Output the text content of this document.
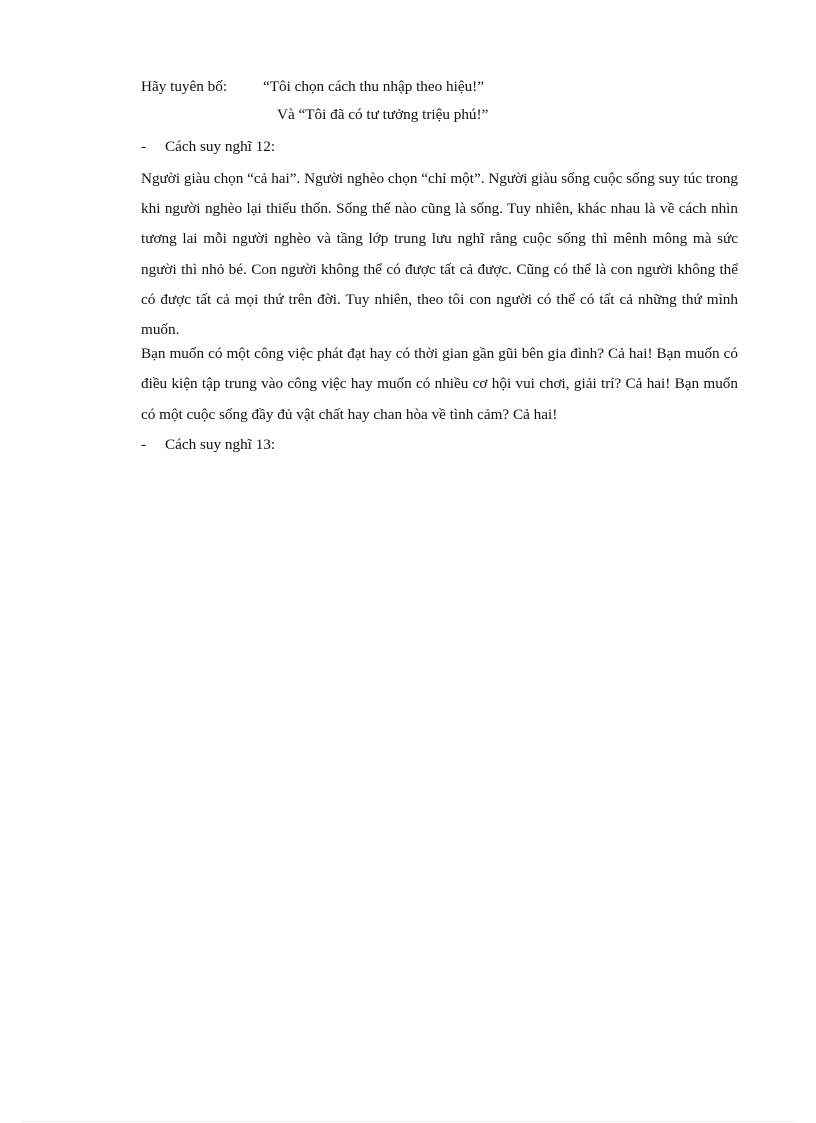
Hãy tuyên bố: “Tôi chọn cách thu nhập theo hiệu!”
Và “Tôi đã có tư tưởng triệu phú!”
-	Cách suy nghĩ 12:

Người giàu chọn “cả hai”. Người nghèo chọn “chỉ một”. Người giàu sống cuộc sống suy túc trong khi người nghèo lại thiếu thốn. Sống thế nào cũng là sống. Tuy nhiên, khác nhau là về cách nhìn tương lai mỗi người nghèo và tầng lớp trung lưu nghĩ rằng cuộc sống thì mênh mông mà sức người thì nhỏ bé. Con người không thể có được tất cả được. Cũng có thể là con người không thể có được tất cả mọi thứ trên đời. Tuy nhiên, theo tôi con người có thể có tất cả những thứ mình muốn.

Bạn muốn có một công việc phát đạt hay có thời gian gần gũi bên gia đình? Cả hai! Bạn muốn có điều kiện tập trung vào công việc hay muốn có nhiều cơ hội vui chơi, giải trí? Cả hai! Bạn muốn có một cuộc sống đầy đủ vật chất hay chan hòa về tình cảm? Cả hai!

-	Cách suy nghĩ 13:
